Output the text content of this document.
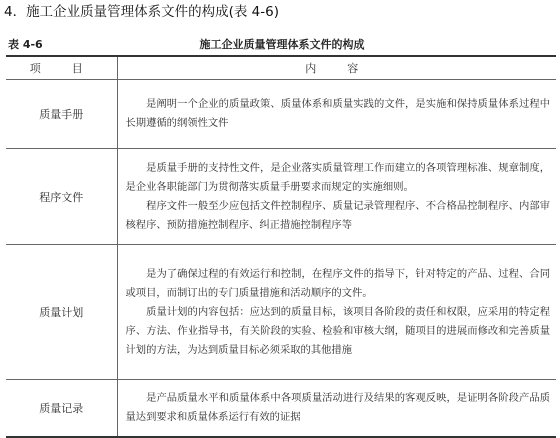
4．施工企业质量管理体系文件的构成(表 4-6)
表 4-6	施工企业质量管理体系文件的构成
项　目	内　容
质量手册	是阐明一个企业的质量政策、质量体系和质量实践的文件，是实施和保持质量体系过程中长期遵循的纲领性文件

程序文件	是质量手册的支持性文件，是企业落实质量管理工作而建立的各项管理标准、规章制度，是企业各职能部门为贯彻落实质量手册要求而规定的实施细则。
程序文件一般至少应包括文件控制程序、质量记录管理程序、不合格品控制程序、内部审核程序、预防措施控制程序、纠正措施控制程序等

质量计划	是为了确保过程的有效运行和控制，在程序文件的指导下，针对特定的产品、过程、合同或项目，而制订出的专门质量措施和活动顺序的文件。
质量计划的内容包括：应达到的质量目标，该项目各阶段的责任和权限，应采用的特定程序、方法、作业指导书，有关阶段的实验、检验和审核大纲，随项目的进展而修改和完善质量计划的方法，为达到质量目标必须采取的其他措施

质量记录	是产品质量水平和质量体系中各项质量活动进行及结果的客观反映，是证明各阶段产品质量达到要求和质量体系运行有效的证据
